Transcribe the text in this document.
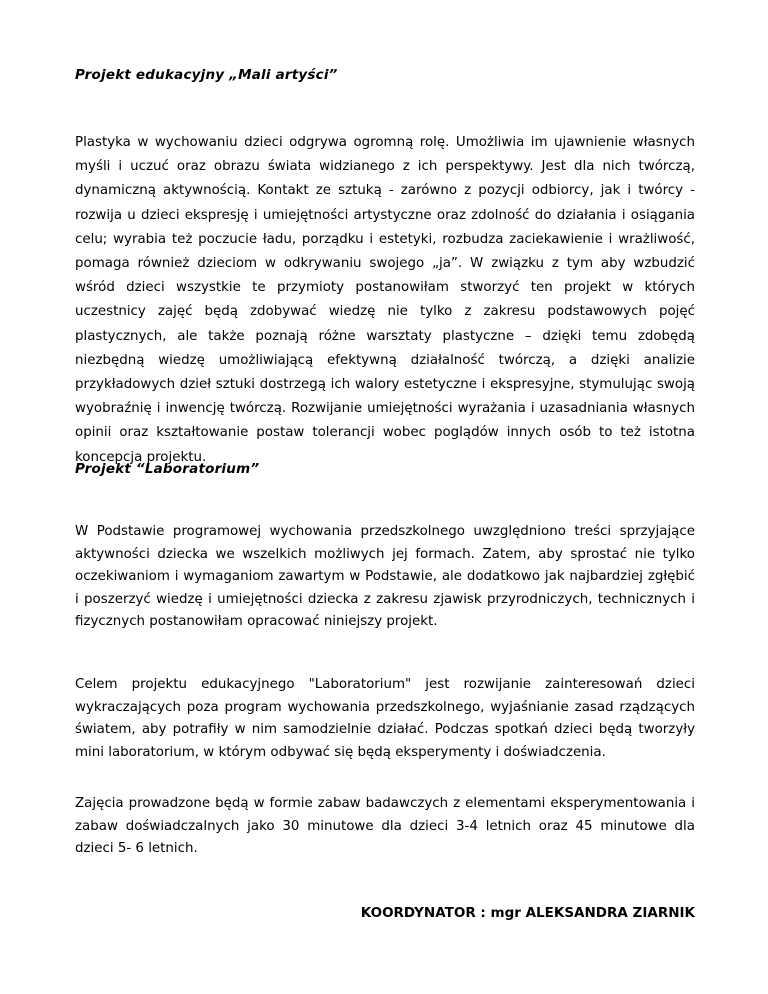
Projekt edukacyjny „Mali artyści”

Plastyka w wychowaniu dzieci odgrywa ogromną rolę. Umożliwia im ujawnienie własnych myśli i uczuć oraz obrazu świata widzianego z ich perspektywy. Jest dla nich twórczą, dynamiczną aktywnością. Kontakt ze sztuką - zarówno z pozycji odbiorcy, jak i twórcy - rozwija u dzieci ekspresję i umiejętności artystyczne oraz zdolność do działania i osiągania celu; wyrabia też poczucie ładu, porządku i estetyki, rozbudza zaciekawienie i wrażliwość, pomaga również dzieciom w odkrywaniu swojego „ja”. W związku z tym aby wzbudzić wśród dzieci wszystkie te przymioty postanowiłam stworzyć ten projekt w których uczestnicy zajęć będą zdobywać wiedzę nie tylko z zakresu podstawowych pojęć plastycznych, ale także poznają różne warsztaty plastyczne – dzięki temu zdobędą niezbędną wiedzę umożliwiającą efektywną działalność twórczą, a dzięki analizie przykładowych dzieł sztuki dostrzegą ich walory estetyczne i ekspresyjne, stymulując swoją wyobraźnię i inwencję twórczą. Rozwijanie umiejętności wyrażania i uzasadniania własnych opinii oraz kształtowanie postaw tolerancji wobec poglądów innych osób to też istotna koncepcja projektu.

Projekt “Laboratorium”

W Podstawie programowej wychowania przedszkolnego uwzględniono treści sprzyjające aktywności dziecka we wszelkich możliwych jej formach. Zatem, aby sprostać nie tylko oczekiwaniom i wymaganiom zawartym w Podstawie, ale dodatkowo jak najbardziej zgłębić i poszerzyć wiedzę i umiejętności dziecka z zakresu zjawisk przyrodniczych, technicznych i fizycznych postanowiłam opracować niniejszy projekt.

Celem projektu edukacyjnego "Laboratorium" jest rozwijanie zainteresowań dzieci wykraczających poza program wychowania przedszkolnego, wyjaśnianie zasad rządzących światem, aby potrafiły w nim samodzielnie działać. Podczas spotkań dzieci będą tworzyły mini laboratorium, w którym odbywać się będą eksperymenty i doświadczenia.

Zajęcia prowadzone będą w formie zabaw badawczych z elementami eksperymentowania i zabaw doświadczalnych jako 30 minutowe dla dzieci 3-4 letnich oraz 45 minutowe dla dzieci 5- 6 letnich.

KOORDYNATOR : mgr ALEKSANDRA ZIARNIK
